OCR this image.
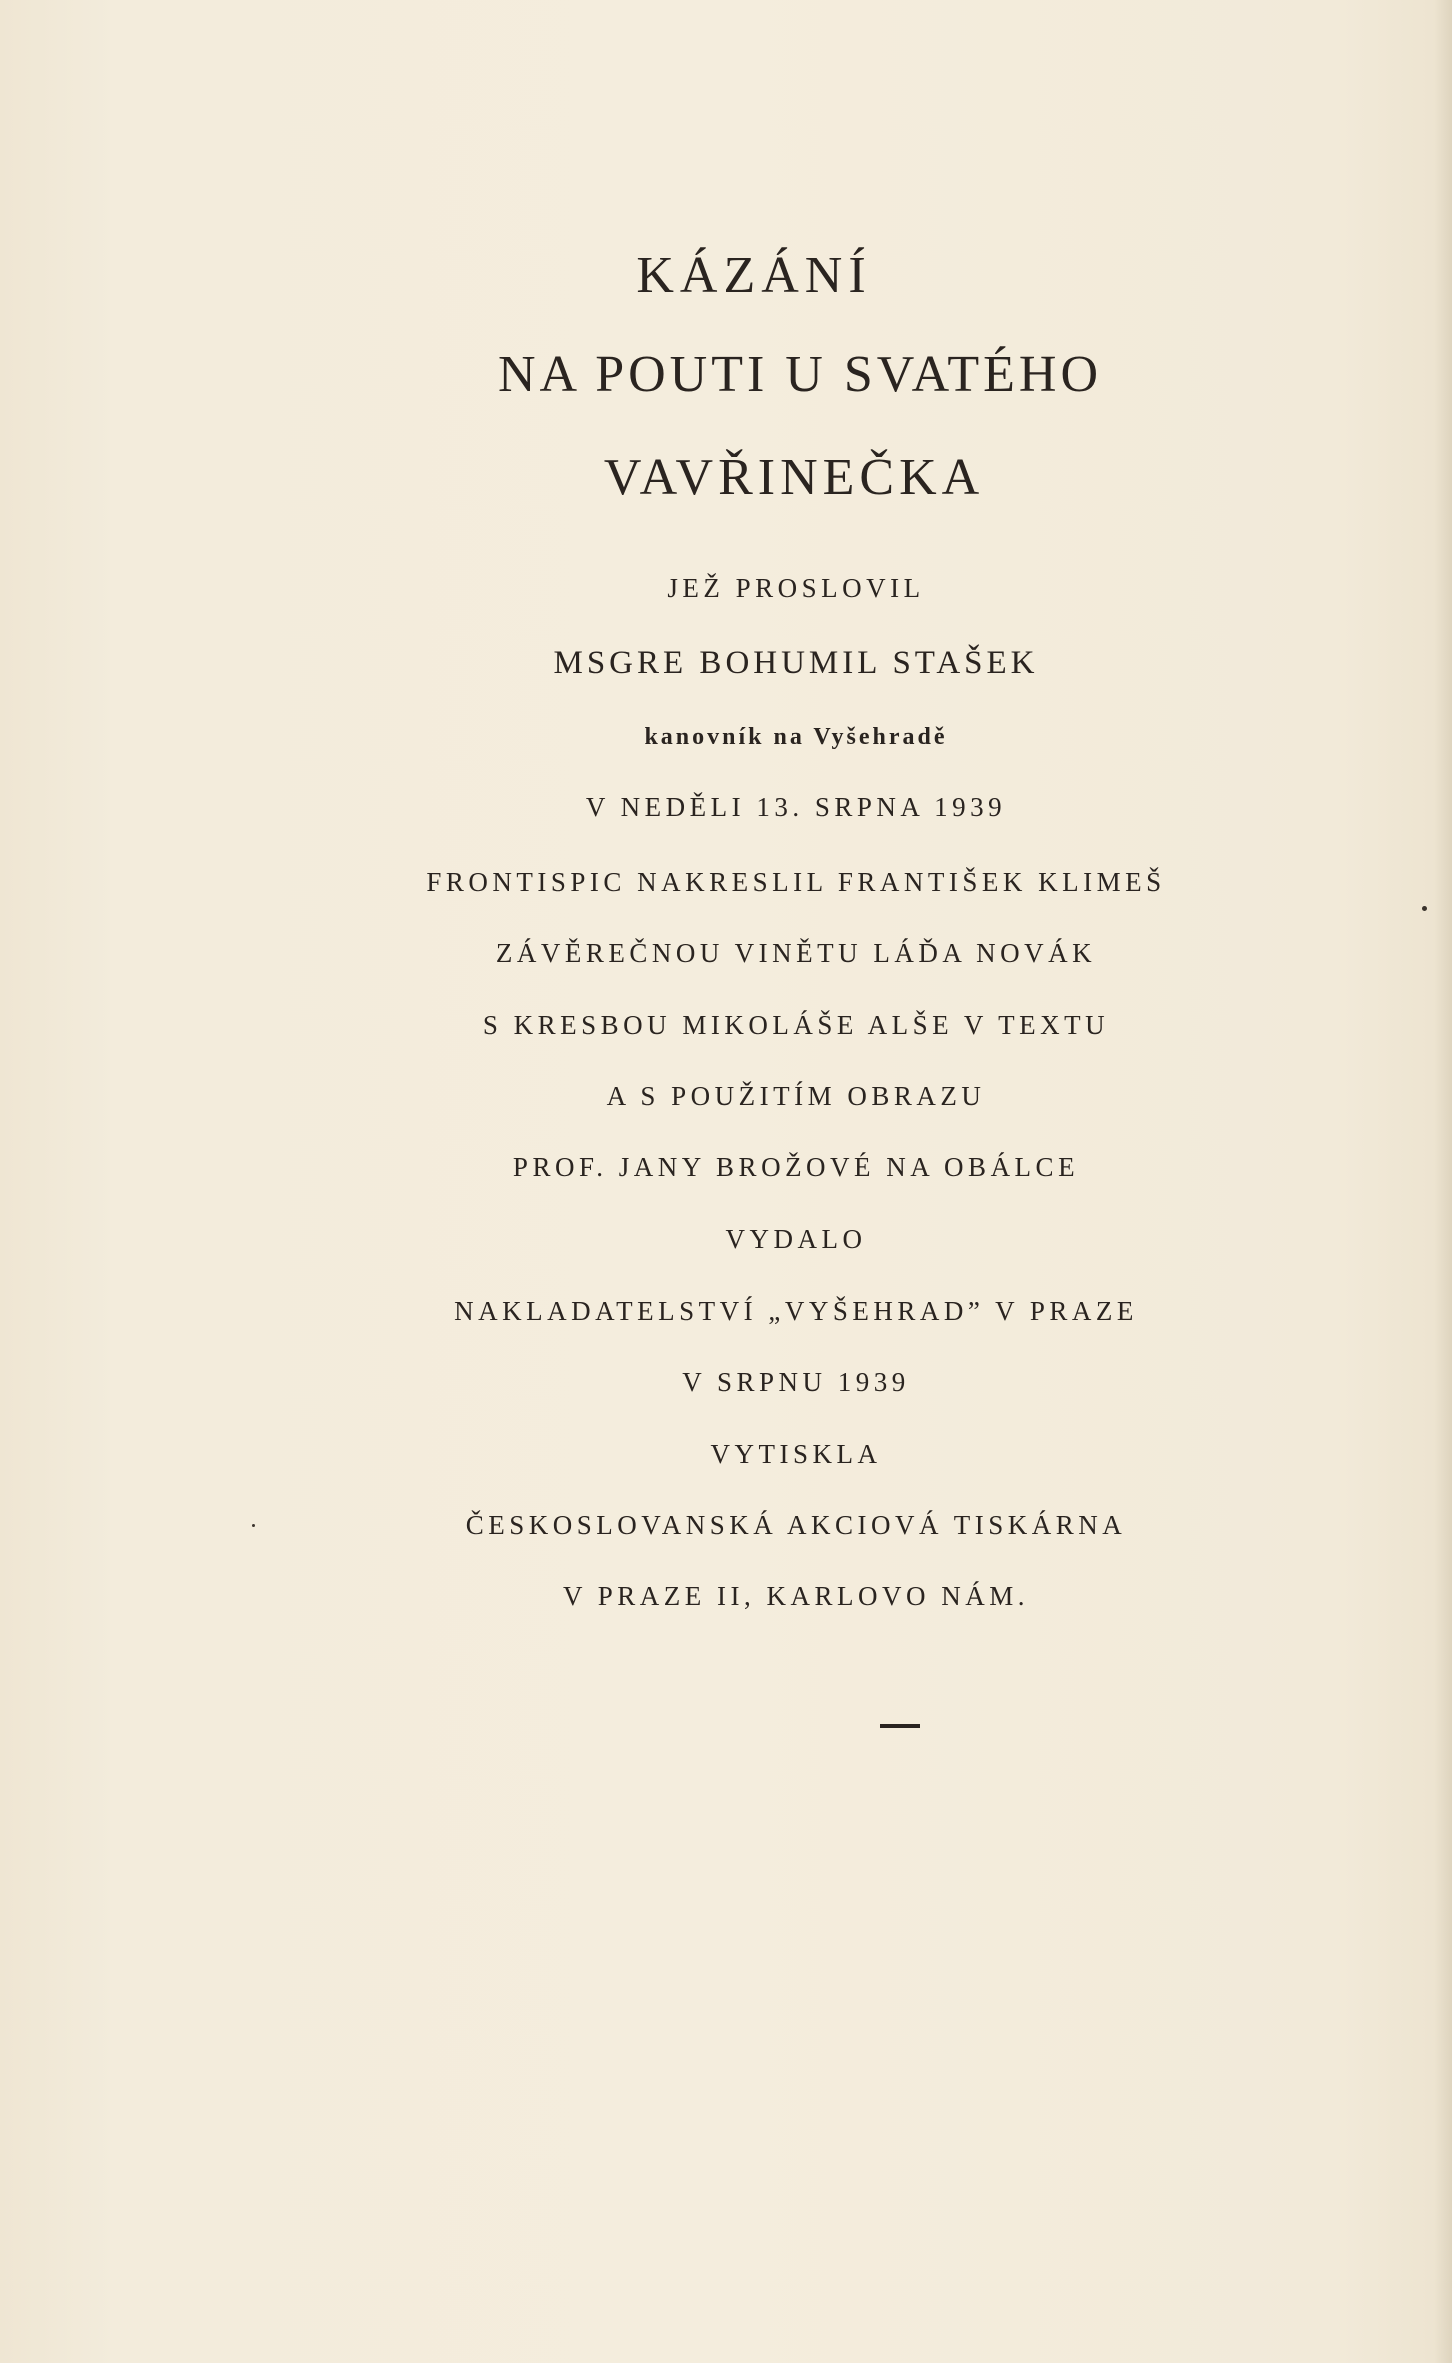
KÁZÁNÍ

NA POUTI U SVATÉHO

VAVŘINEČKA

JEŽ PROSLOVIL

MSGRE BOHUMIL STAŠEK

kanovník na Vyšehradě

V NEDĚLI 13. SRPNA 1939

FRONTISPIC NAKRESLIL FRANTIŠEK KLIMEŠ

ZÁVĚREČNOU VINĚTU LÁĎA NOVÁK

S KRESBOU MIKOLÁŠE ALŠE V TEXTU

A S POUŽITÍM OBRAZU

PROF. JANY BROŽOVÉ NA OBÁLCE

VYDALO

NAKLADATELSTVÍ „VYŠEHRAD” V PRAZE

V SRPNU 1939

VYTISKLA

ČESKOSLOVANSKÁ AKCIOVÁ TISKÁRNA

V PRAZE II, KARLOVO NÁM.
